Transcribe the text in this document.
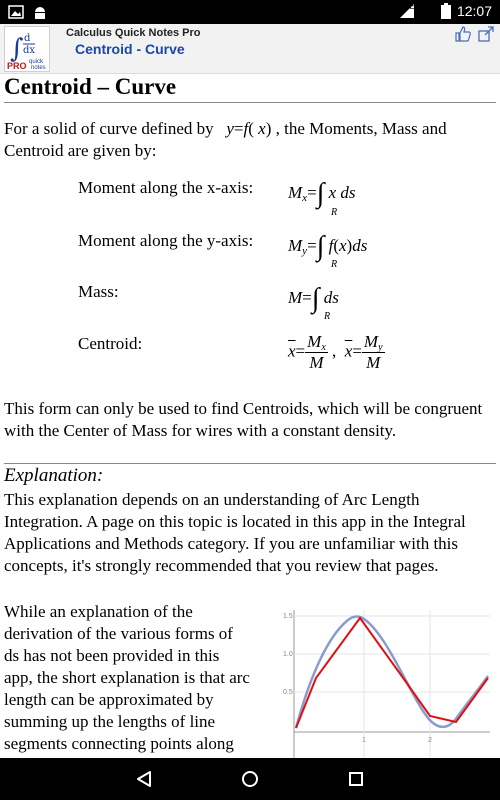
LTE	12:07
∫ d
dx
PRO quick
notes
Calculus Quick Notes Pro
Centroid - Curve
Centroid – Curve
For a solid of curve defined by   y=f( x) , the Moments, Mass and Centroid are given by:
Moment along the x-axis: Mx=∫ x ds
R
Moment along the y-axis: My=∫ f(x)ds
R
Mass:	M=∫ ds
R
Centroid:	$\overline{x}= \frac{Mx}{M}$ ,  $\overline{x}= \frac{My}{M}$
This form can only be used to find Centroids, which will be congruent with the Center of Mass for wires with a constant density.
Explanation:
This explanation depends on an understanding of Arc Length Integration. A page on this topic is located in this app in the Integral Applications and Methods category. If you are unfamiliar with this concepts, it's strongly recommended that you review that pages.
While an explanation of the
derivation of the various forms of
ds has not been provided in this
app, the short explanation is that arc
length can be approximated by
summing up the lengths of line
segments connecting points along
1.5
1.0
0.5
1	2
